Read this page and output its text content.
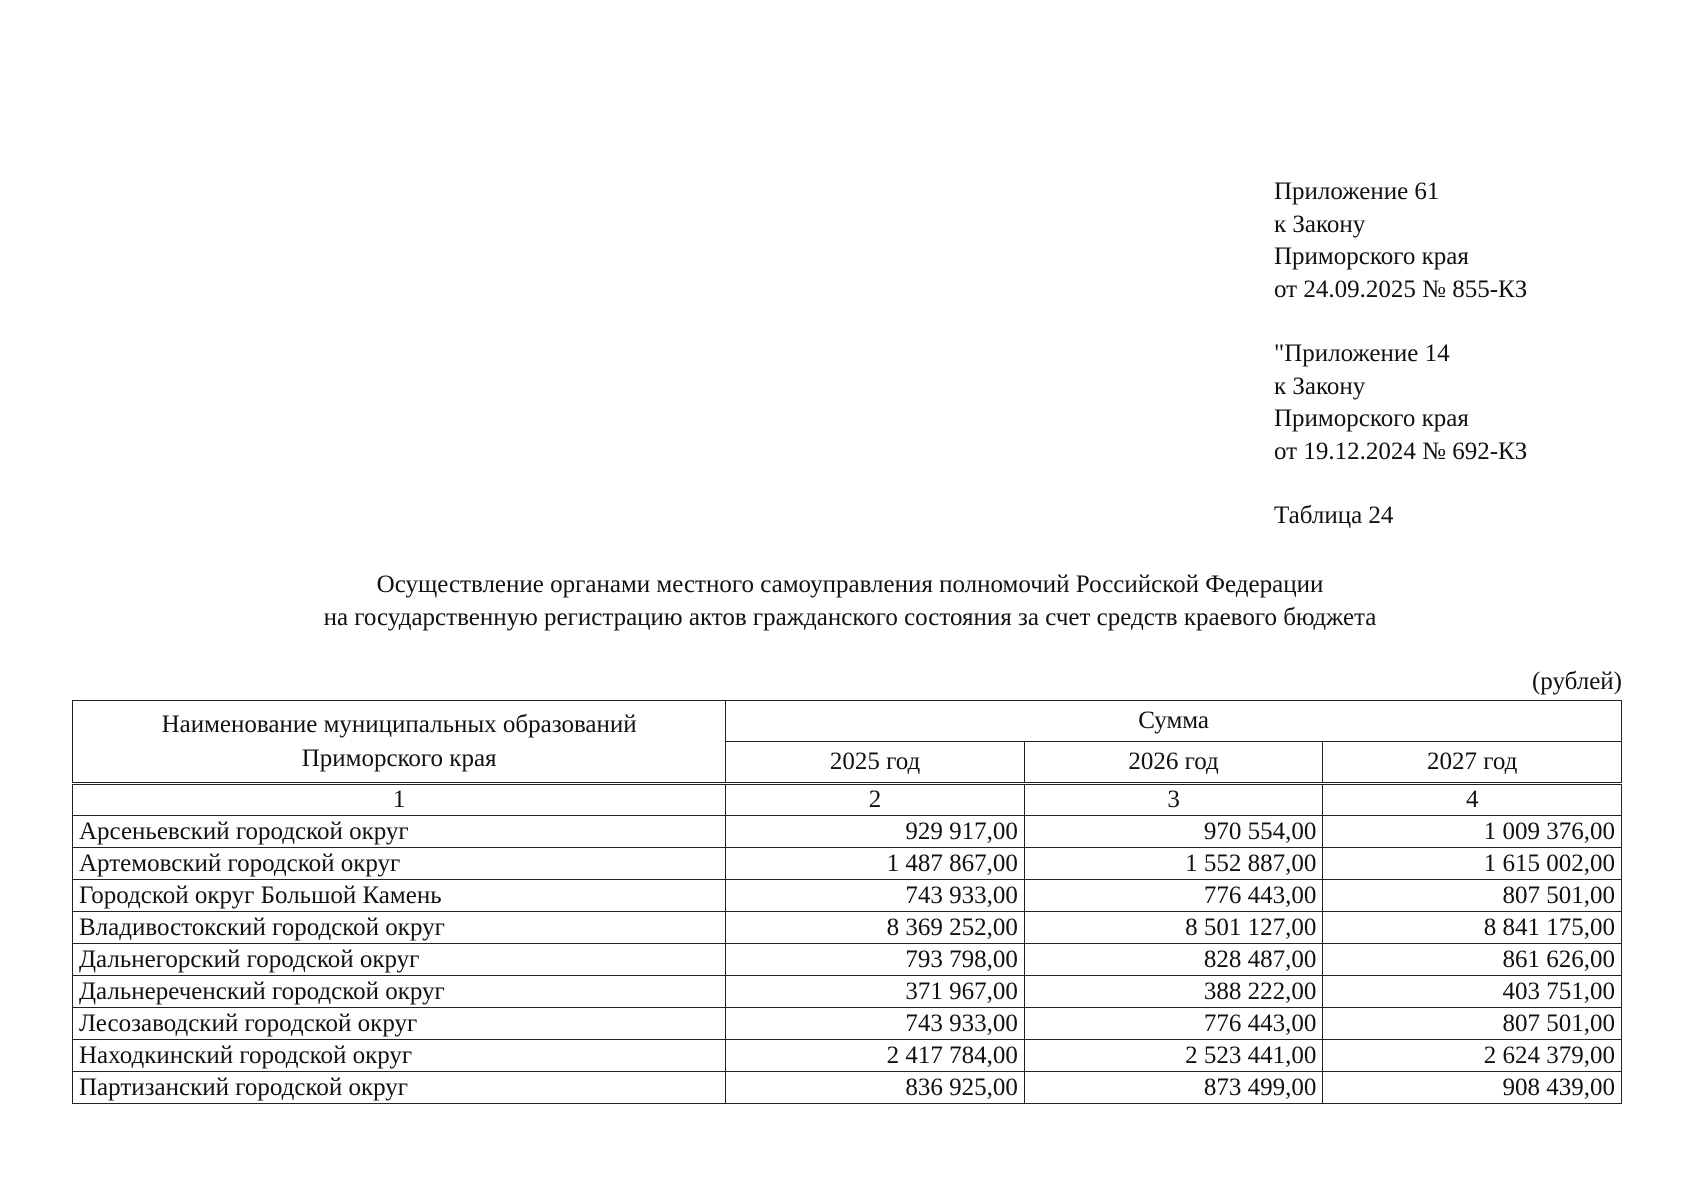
Приложение 61

к Закону

Приморского края

от 24.09.2025 № 855-КЗ

"Приложение 14

к Закону

Приморского края

от 19.12.2024 № 692-КЗ

Таблица 24

Осуществление органами местного самоуправления полномочий Российской Федерации

на государственную регистрацию актов гражданского состояния за счет средств краевого бюджета

(рублей)
Наименование муниципальных образований
Приморского края	Сумма		
	2025 год	2026 год	2027 год
1	2	3	4
Арсеньевский городской округ	929 917,00	970 554,00	1 009 376,00
Артемовский городской округ	1 487 867,00	1 552 887,00	1 615 002,00
Городской округ Большой Камень	743 933,00	776 443,00	807 501,00
Владивостокский городской округ	8 369 252,00	8 501 127,00	8 841 175,00
Дальнегорский городской округ	793 798,00	828 487,00	861 626,00
Дальнереченский городской округ	371 967,00	388 222,00	403 751,00
Лесозаводский городской округ	743 933,00	776 443,00	807 501,00
Находкинский городской округ	2 417 784,00	2 523 441,00	2 624 379,00
Партизанский городской округ	836 925,00	873 499,00	908 439,00
